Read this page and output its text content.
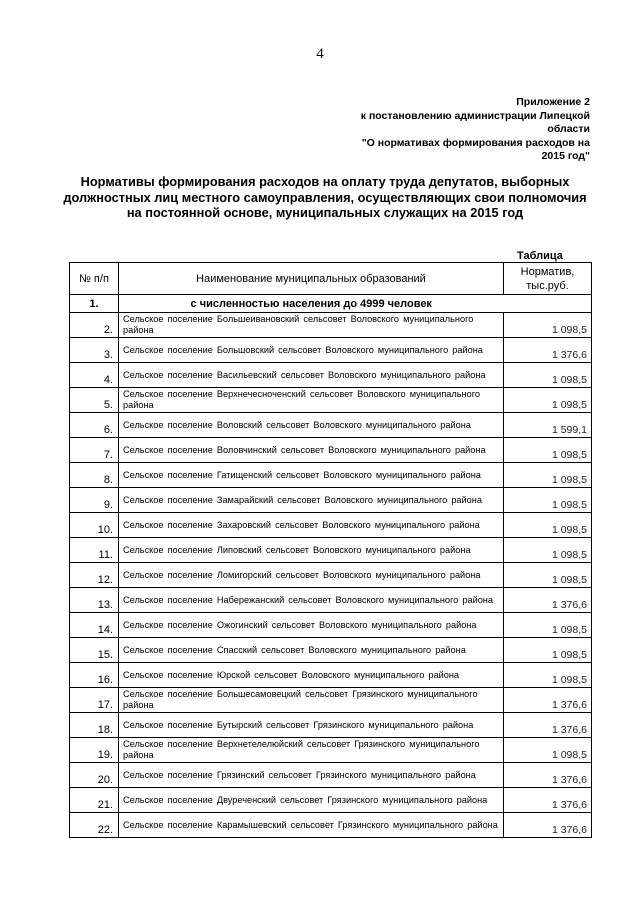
4
Приложение 2
к постановлению администрации Липецкой
области
"О нормативах формирования расходов на
2015 год"
Нормативы формирования расходов на оплату труда депутатов, выборных должностных лиц местного самоуправления, осуществляющих свои полномочия на постоянной основе, муниципальных служащих на 2015 год
Таблица
№ п/п	Наименование муниципальных образований	Норматив, тыс.руб.
1.	с численностью населения до 4999 человек	
2.	Сельское поселение Большеивановский сельсовет Воловского муниципального района	1 098,5
3.	Сельское поселение Большовский сельсовет Воловского муниципального района	1 376,6
4.	Сельское поселение Васильевский сельсовет Воловского муниципального района	1 098,5
5.	Сельское поселение Верхнечесноченский сельсовет Воловского муниципального района	1 098,5
6.	Сельское поселение Воловский сельсовет Воловского муниципального района	1 599,1
7.	Сельское поселение Воловчинский сельсовет Воловского муниципального района	1 098,5
8.	Сельское поселение Гатищенский сельсовет Воловского муниципального района	1 098,5
9.	Сельское поселение Замарайский сельсовет Воловского муниципального района	1 098,5
10.	Сельское поселение Захаровский сельсовет Воловского муниципального района	1 098,5
11.	Сельское поселение Липовский сельсовет Воловского муниципального района	1 098,5
12.	Сельское поселение Ломигорский сельсовет Воловского муниципального района	1 098,5
13.	Сельское поселение Набережанский сельсовет Воловского муниципального района	1 376,6
14.	Сельское поселение Ожогинский сельсовет Воловского муниципального района	1 098,5
15.	Сельское поселение Спасский сельсовет Воловского муниципального района	1 098,5
16.	Сельское поселение Юрской сельсовет Воловского муниципального района	1 098,5
17.	Сельское поселение Большесамовецкий сельсовет Грязинского муниципального района	1 376,6
18.	Сельское поселение Бутырский сельсовет Грязинского муниципального района	1 376,6
19.	Сельское поселение Верхнетелелюйский сельсовет Грязинского муниципального района	1 098,5
20.	Сельское поселение Грязинский сельсовет Грязинского муниципального района	1 376,6
21.	Сельское поселение Двуреченский сельсовет Грязинского муниципального района	1 376,6
22.	Сельское поселение Карамышевский сельсовет Грязинского муниципального района	1 376,6
